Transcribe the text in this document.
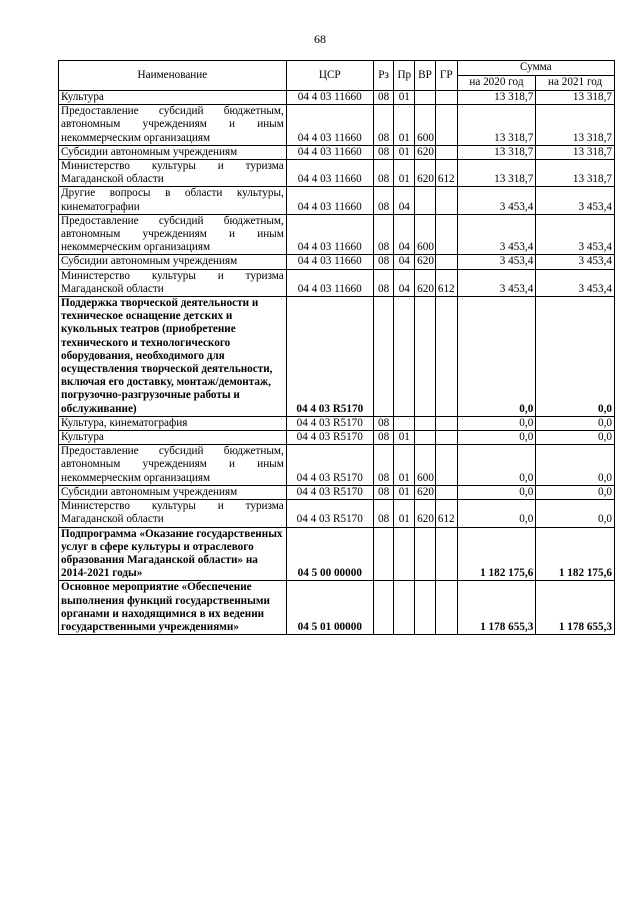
68
Наименование	ЦСР	Рз	Пр	ВР	ГР	Сумма	
						на 2020 год	на 2021 год
Культура	04 4 03 11660	08	01			13 318,7	13 318,7
Предоставление субсидий бюджетным, автономным учреждениям и иным некоммерческим организациям	04 4 03 11660	08	01	600		13 318,7	13 318,7
Субсидии автономным учреждениям	04 4 03 11660	08	01	620		13 318,7	13 318,7
Министерство культуры и туризма Магаданской области	04 4 03 11660	08	01	620	612	13 318,7	13 318,7
Другие вопросы в области культуры, кинематографии	04 4 03 11660	08	04			3 453,4	3 453,4
Предоставление субсидий бюджетным, автономным учреждениям и иным некоммерческим организациям	04 4 03 11660	08	04	600		3 453,4	3 453,4
Субсидии автономным учреждениям	04 4 03 11660	08	04	620		3 453,4	3 453,4
Министерство культуры и туризма Магаданской области	04 4 03 11660	08	04	620	612	3 453,4	3 453,4
Поддержка творческой деятельности и техническое оснащение детских и кукольных театров (приобретение технического и технологического оборудования, необходимого для осуществления творческой деятельности, включая его доставку, монтаж/демонтаж, погрузочно-разгрузочные работы и обслуживание)	04 4 03 R5170					0,0	0,0
Культура, кинематография	04 4 03 R5170	08				0,0	0,0
Культура	04 4 03 R5170	08	01			0,0	0,0
Предоставление субсидий бюджетным, автономным учреждениям и иным некоммерческим организациям	04 4 03 R5170	08	01	600		0,0	0,0
Субсидии автономным учреждениям	04 4 03 R5170	08	01	620		0,0	0,0
Министерство культуры и туризма Магаданской области	04 4 03 R5170	08	01	620	612	0,0	0,0
Подпрограмма «Оказание государственных услуг в сфере культуры и отраслевого образования Магаданской области» на 2014-2021 годы»	04 5 00 00000					1 182 175,6	1 182 175,6
Основное мероприятие «Обеспечение выполнения функций государственными органами и находящимися в их ведении государственными учреждениями»	04 5 01 00000					1 178 655,3	1 178 655,3
